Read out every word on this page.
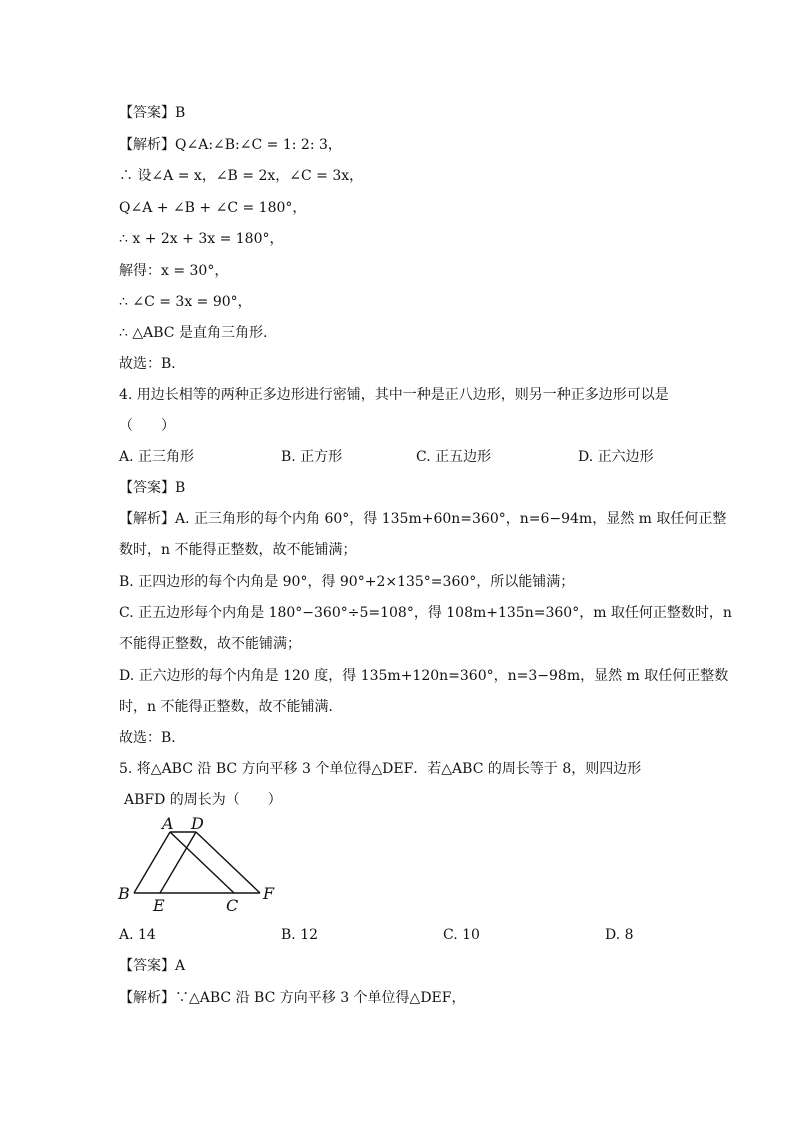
【答案】B
【解析】Q∠A:∠B:∠C = 1: 2: 3，
∴ 设∠A = x，∠B = 2x，∠C = 3x，
Q∠A + ∠B + ∠C = 180°，
∴ x + 2x + 3x = 180°，
解得：x = 30°，
∴ ∠C = 3x = 90°，
∴ △ABC 是直角三角形.
故选：B．
4. 用边长相等的两种正多边形进行密铺，其中一种是正八边形，则另一种正多边形可以是
（　　）
A. 正三角形	B. 正方形	C. 正五边形	D. 正六边形
【答案】B
【解析】A. 正三角形的每个内角 60°，得 135m+60n=360°，n=6−94m，显然 m 取任何正整
数时，n 不能得正整数，故不能铺满；
B. 正四边形的每个内角是 90°，得 90°+2×135°=360°，所以能铺满；
C. 正五边形每个内角是 180°−360°÷5=108°，得 108m+135n=360°，m 取任何正整数时，n
不能得正整数，故不能铺满；
D. 正六边形的每个内角是 120 度，得 135m+120n=360°，n=3−98m，显然 m 取任何正整数
时，n 不能得正整数，故不能铺满．
故选：B．
5. 将△ABC 沿 BC 方向平移 3 个单位得△DEF．若△ABC 的周长等于 8，则四边形
ABFD 的周长为（　　）
A D
B
E	C
F
A. 14	B. 12	C. 10	D. 8
【答案】A
【解析】∵△ABC 沿 BC 方向平移 3 个单位得△DEF，
